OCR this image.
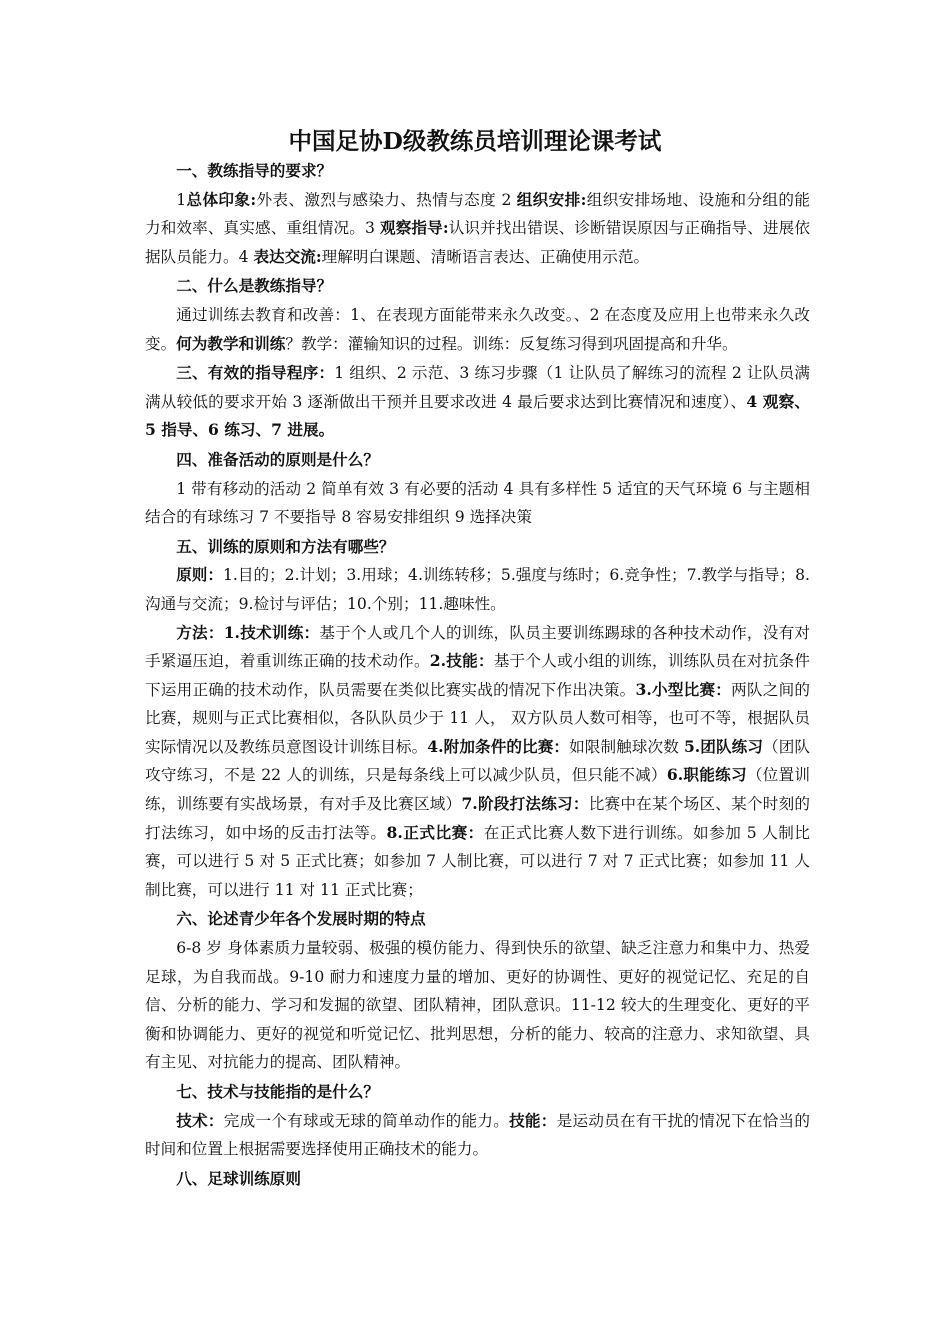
中国足协D级教练员培训理论课考试

一、教练指导的要求？

1总体印象:外表、激烈与感染力、热情与态度 2 组织安排:组织安排场地、设施和分组的能力和效率、真实感、重组情况。3 观察指导:认识并找出错误、诊断错误原因与正确指导、进展依据队员能力。4 表达交流:理解明白课题、清晰语言表达、正确使用示范。

二、什么是教练指导？

通过训练去教育和改善：1、在表现方面能带来永久改变。、2 在态度及应用上也带来永久改变。何为教学和训练？教学：灌输知识的过程。训练：反复练习得到巩固提高和升华。

三、有效的指导程序：1 组织、2 示范、3 练习步骤（1 让队员了解练习的流程 2 让队员满满从较低的要求开始 3 逐渐做出干预并且要求改进 4 最后要求达到比赛情况和速度）、4 观察、5 指导、6 练习、7 进展。

四、准备活动的原则是什么？

1 带有移动的活动 2 简单有效 3 有必要的活动 4 具有多样性 5 适宜的天气环境 6 与主题相结合的有球练习 7 不要指导 8 容易安排组织 9 选择决策

五、训练的原则和方法有哪些？

原则：1.目的；2.计划；3.用球；4.训练转移；5.强度与练时；6.竞争性；7.教学与指导；8.沟通与交流；9.检讨与评估；10.个别；11.趣味性。

方法：1.技术训练：基于个人或几个人的训练，队员主要训练踢球的各种技术动作，没有对手紧逼压迫，着重训练正确的技术动作。2.技能：基于个人或小组的训练，训练队员在对抗条件下运用正确的技术动作，队员需要在类似比赛实战的情况下作出决策。3.小型比赛：两队之间的比赛，规则与正式比赛相似，各队队员少于 11 人， 双方队员人数可相等，也可不等，根据队员实际情况以及教练员意图设计训练目标。4.附加条件的比赛：如限制触球次数 5.团队练习（团队攻守练习，不是 22 人的训练，只是每条线上可以减少队员，但只能不减）6.职能练习（位置训练，训练要有实战场景，有对手及比赛区域）7.阶段打法练习：比赛中在某个场区、某个时刻的打法练习，如中场的反击打法等。8.正式比赛：在正式比赛人数下进行训练。如参加 5 人制比赛，可以进行 5 对 5 正式比赛；如参加 7 人制比赛，可以进行 7 对 7 正式比赛；如参加 11 人制比赛，可以进行 11 对 11 正式比赛；

六、论述青少年各个发展时期的特点

6-8 岁 身体素质力量较弱、极强的模仿能力、得到快乐的欲望、缺乏注意力和集中力、热爱足球，为自我而战。9-10 耐力和速度力量的增加、更好的协调性、更好的视觉记忆、充足的自信、分析的能力、学习和发掘的欲望、团队精神，团队意识。11-12 较大的生理变化、更好的平衡和协调能力、更好的视觉和听觉记忆、批判思想，分析的能力、较高的注意力、求知欲望、具有主见、对抗能力的提高、团队精神。

七、技术与技能指的是什么？

技术：完成一个有球或无球的简单动作的能力。技能：是运动员在有干扰的情况下在恰当的时间和位置上根据需要选择使用正确技术的能力。

八、足球训练原则
